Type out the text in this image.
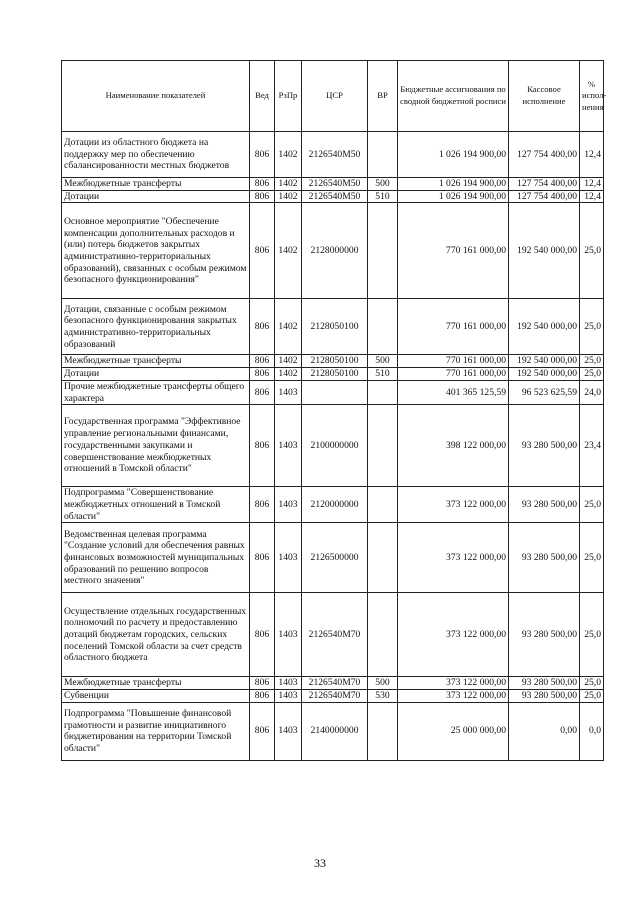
Наименование показателей	Вед	РзПр	ЦСР	ВР	Бюджетные ассигнования по сводной бюджетной росписи	Кассовое исполнение	% испол-нения
Дотации из областного бюджета на поддержку мер по обеспечению сбалансированности местных бюджетов	806	1402	2126540M50		1 026 194 900,00	127 754 400,00	12,4
Межбюджетные трансферты	806	1402	2126540M50	500	1 026 194 900,00	127 754 400,00	12,4
Дотации	806	1402	2126540M50	510	1 026 194 900,00	127 754 400,00	12,4
Основное мероприятие "Обеспечение компенсации дополнительных расходов и (или) потерь бюджетов закрытых административно-территориальных образований), связанных с особым режимом безопасного функционирования"	806	1402	2128000000		770 161 000,00	192 540 000,00	25,0
Дотации, связанные с особым режимом безопасного функционирования закрытых административно-территориальных образований	806	1402	2128050100		770 161 000,00	192 540 000,00	25,0
Межбюджетные трансферты	806	1402	2128050100	500	770 161 000,00	192 540 000,00	25,0
Дотации	806	1402	2128050100	510	770 161 000,00	192 540 000,00	25,0
Прочие межбюджетные трансферты общего характера	806	1403			401 365 125,59	96 523 625,59	24,0
Государственная программа "Эффективное управление региональными финансами, государственными закупками и совершенствование межбюджетных отношений в Томской области"	806	1403	2100000000		398 122 000,00	93 280 500,00	23,4
Подпрограмма "Совершенствование межбюджетных отношений в Томской области"	806	1403	2120000000		373 122 000,00	93 280 500,00	25,0
Ведомственная целевая программа "Создание условий для обеспечения равных финансовых возможностей муниципальных образований по решению вопросов местного значения"	806	1403	2126500000		373 122 000,00	93 280 500,00	25,0
Осуществление отдельных государственных полномочий по расчету и предоставлению дотаций бюджетам городских, сельских поселений Томской области за счет средств областного бюджета	806	1403	2126540M70		373 122 000,00	93 280 500,00	25,0
Межбюджетные трансферты	806	1403	2126540M70	500	373 122 000,00	93 280 500,00	25,0
Субвенции	806	1403	2126540M70	530	373 122 000,00	93 280 500,00	25,0
Подпрограмма "Повышение финансовой грамотности и развитие инициативного бюджетирования на территории Томской области"	806	1403	2140000000		25 000 000,00	0,00	0,0
33
